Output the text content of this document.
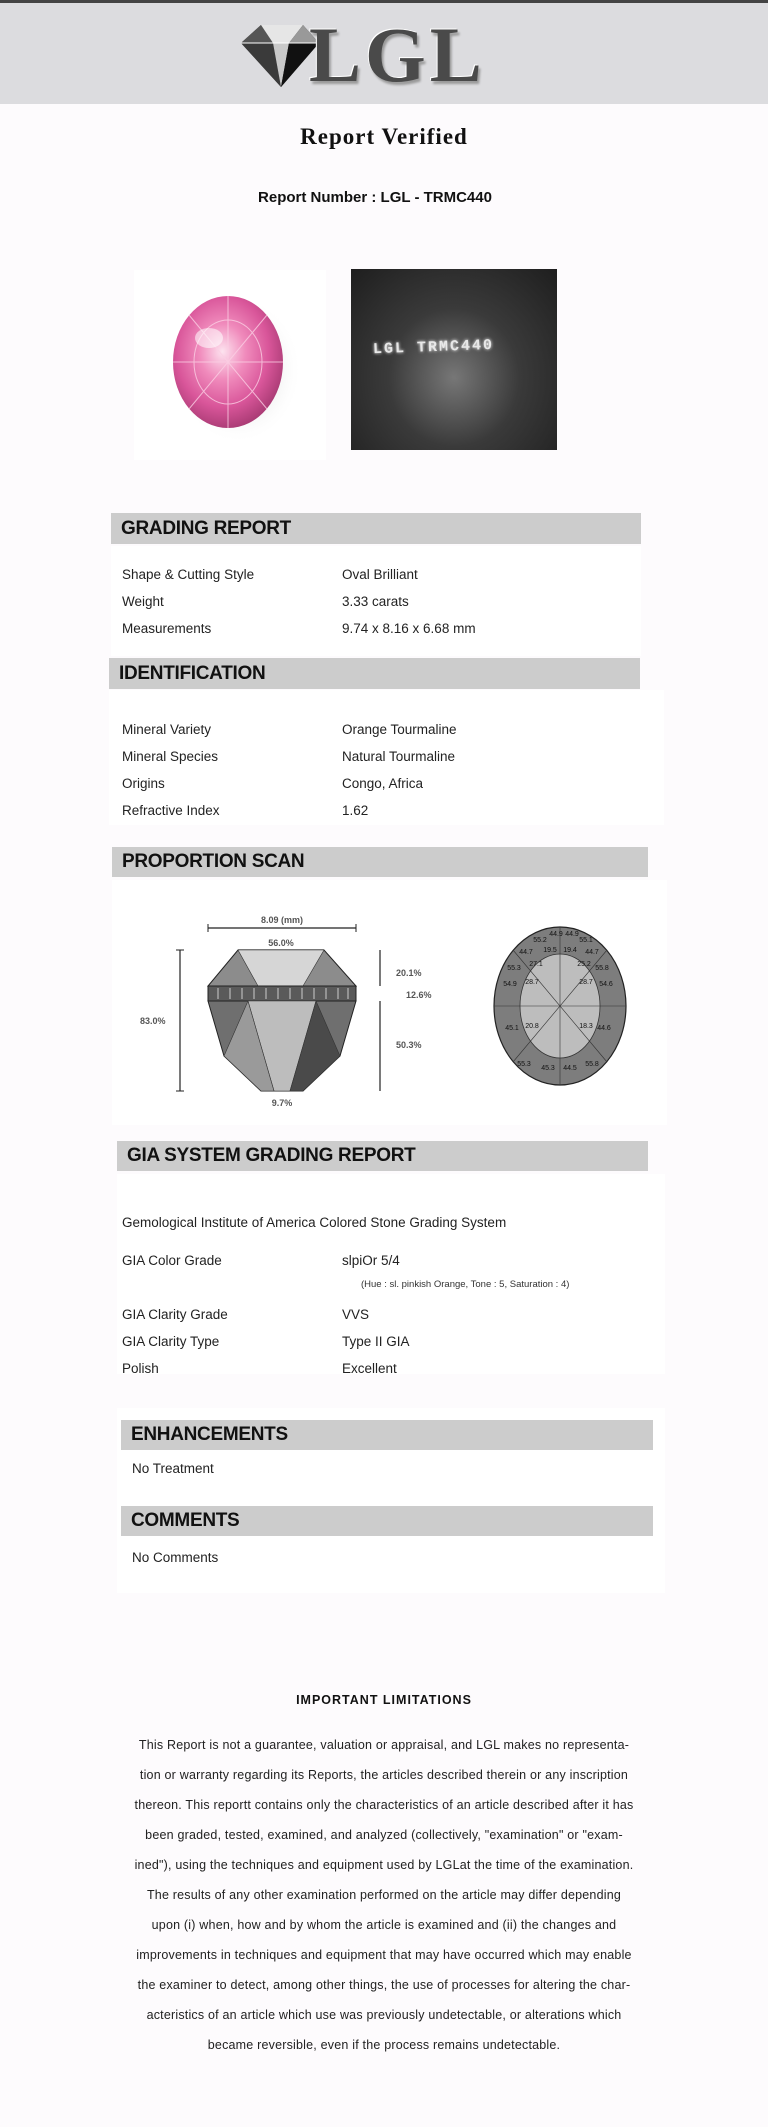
LGL
Report Verified
Report Number : LGL - TRMC440
LGL TRMC440
GRADING REPORT
Shape & Cutting Style	Oval Brilliant
Weight	3.33 carats
Measurements	9.74 x 8.16 x 6.68 mm
IDENTIFICATION
Mineral Variety	Orange Tourmaline
Mineral Species	Natural Tourmaline
Origins	Congo, Africa
Refractive Index	1.62
PROPORTION SCAN
8.09 (mm)
56.0%
83.0%
20.1%
12.6%
50.3%
9.7%
55.2
44.9 44.9
55.1
44.7 19.5 19.4 44.7
55.3
27.1	25.2
55.8
54.9 28.7	28.7 54.6
45.1 20.8	18.3 44.6
55.3
45.3 44.5
55.8
GIA SYSTEM GRADING REPORT
Gemological Institute of America Colored Stone Grading System
GIA Color Grade	slpiOr 5/4
(Hue : sl. pinkish Orange, Tone : 5, Saturation : 4)
GIA Clarity Grade	VVS
GIA Clarity Type	Type II GIA
Polish	Excellent
ENHANCEMENTS
No Treatment
COMMENTS
No Comments
IMPORTANT LIMITATIONS
This Report is not a guarantee, valuation or appraisal, and LGL makes no representa-
tion or warranty regarding its Reports, the articles described therein or any inscription
thereon. This reportt contains only the characteristics of an article described after it has
been graded, tested, examined, and analyzed (collectively, "examination" or "exam-
ined"), using the techniques and equipment used by LGLat the time of the examination.
The results of any other examination performed on the article may differ depending
upon (i) when, how and by whom the article is examined and (ii) the changes and
improvements in techniques and equipment that may have occurred which may enable
the examiner to detect, among other things, the use of processes for altering the char-
acteristics of an article which use was previously undetectable, or alterations which
became reversible, even if the process remains undetectable.
